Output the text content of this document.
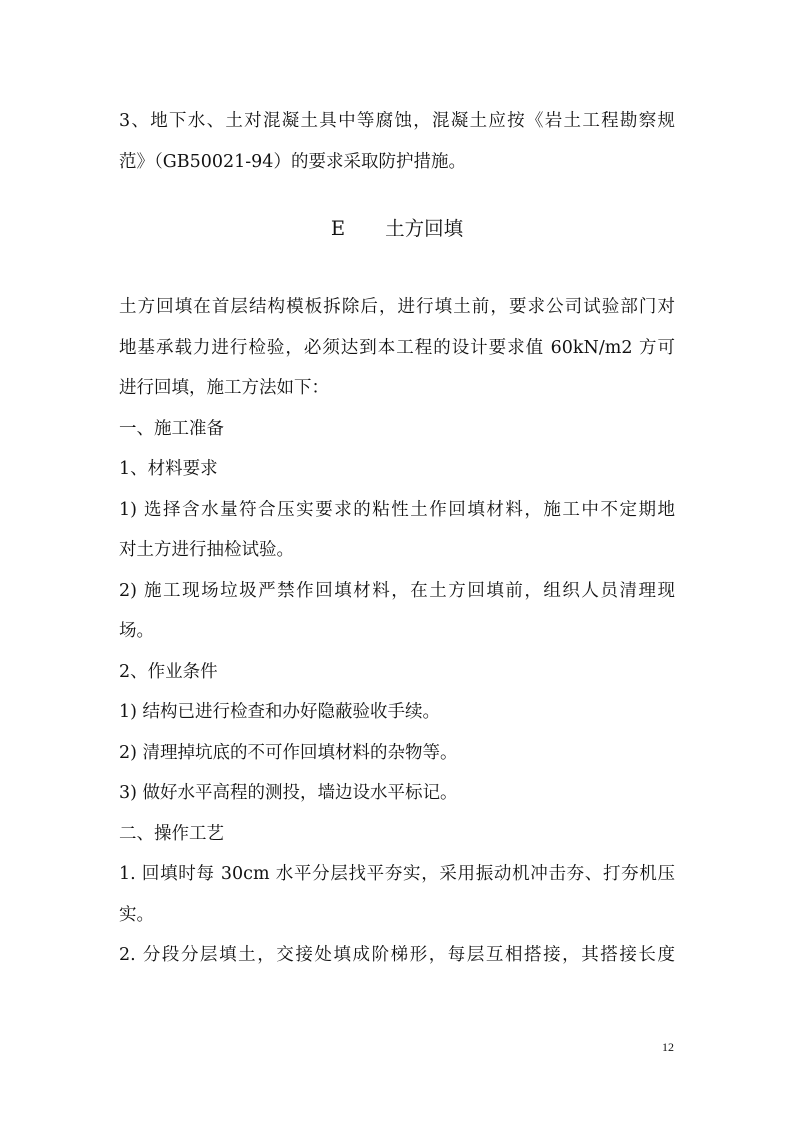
3、地下水、土对混凝土具中等腐蚀，混凝土应按《岩土工程勘察规

范》（GB50021-94）的要求采取防护措施。

E 土方回填

土方回填在首层结构模板拆除后，进行填土前，要求公司试验部门对

地基承载力进行检验，必须达到本工程的设计要求值 60kN/m2 方可

进行回填，施工方法如下：

一、施工准备

1、材料要求

1) 选择含水量符合压实要求的粘性土作回填材料，施工中不定期地

对土方进行抽检试验。

2) 施工现场垃圾严禁作回填材料，在土方回填前，组织人员清理现

场。

2、作业条件

1) 结构已进行检查和办好隐蔽验收手续。

2) 清理掉坑底的不可作回填材料的杂物等。

3) 做好水平高程的测投，墙边设水平标记。

二、操作工艺

1. 回填时每 30cm 水平分层找平夯实，采用振动机冲击夯、打夯机压

实。

2. 分段分层填土，交接处填成阶梯形，每层互相搭接，其搭接长度

12
